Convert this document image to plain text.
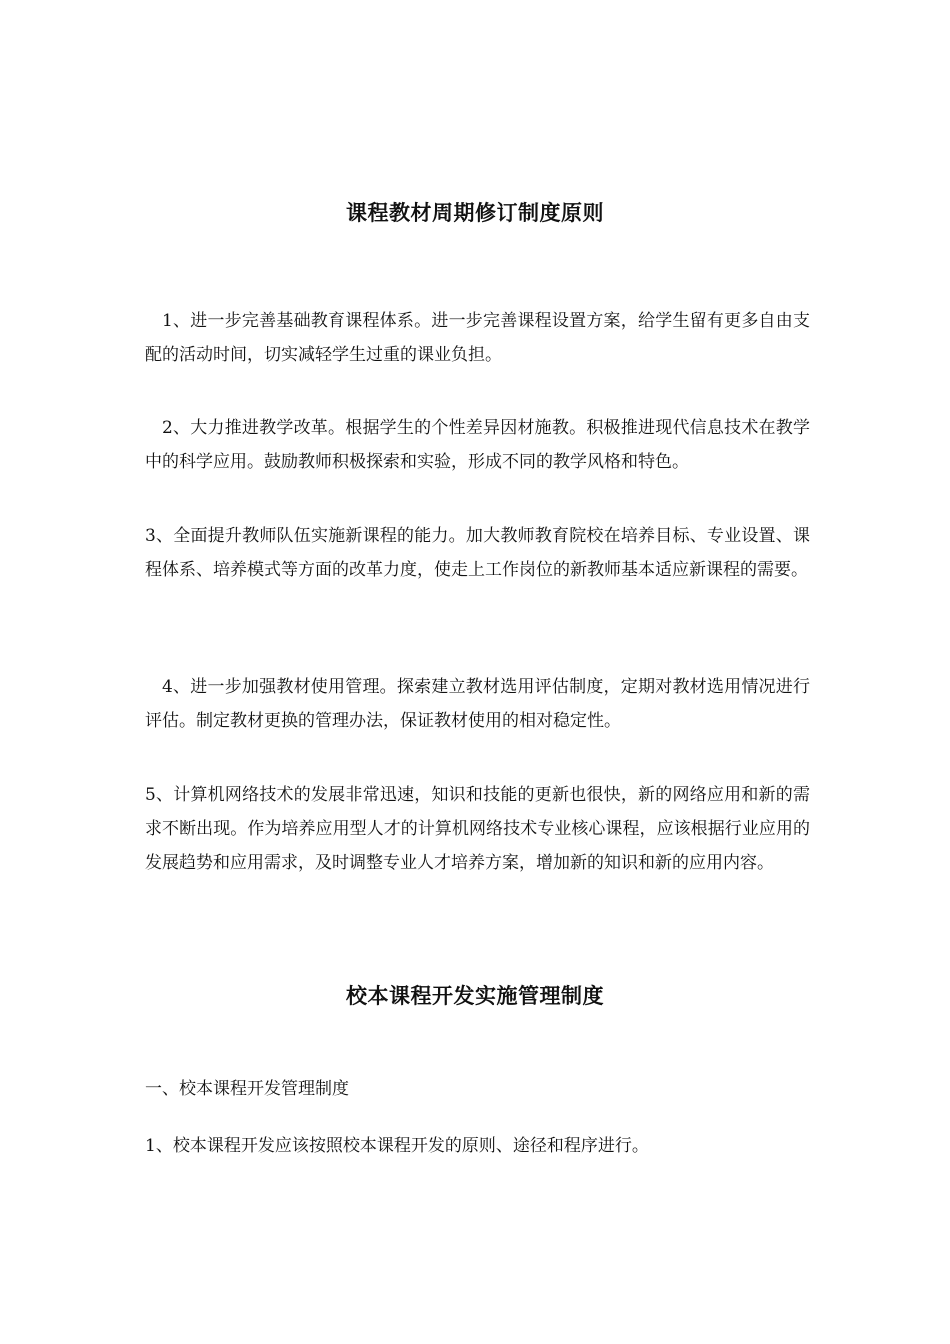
课程教材周期修订制度原则

1、进一步完善基础教育课程体系。进一步完善课程设置方案，给学生留有更多自由支配的活动时间，切实减轻学生过重的课业负担。

2、大力推进教学改革。根据学生的个性差异因材施教。积极推进现代信息技术在教学中的科学应用。鼓励教师积极探索和实验，形成不同的教学风格和特色。

3、全面提升教师队伍实施新课程的能力。加大教师教育院校在培养目标、专业设置、课程体系、培养模式等方面的改革力度，使走上工作岗位的新教师基本适应新课程的需要。

4、进一步加强教材使用管理。探索建立教材选用评估制度，定期对教材选用情况进行评估。制定教材更换的管理办法，保证教材使用的相对稳定性。

5、计算机网络技术的发展非常迅速，知识和技能的更新也很快，新的网络应用和新的需求不断出现。作为培养应用型人才的计算机网络技术专业核心课程，应该根据行业应用的发展趋势和应用需求，及时调整专业人才培养方案，增加新的知识和新的应用内容。

校本课程开发实施管理制度

一、校本课程开发管理制度

1、校本课程开发应该按照校本课程开发的原则、途径和程序进行。
